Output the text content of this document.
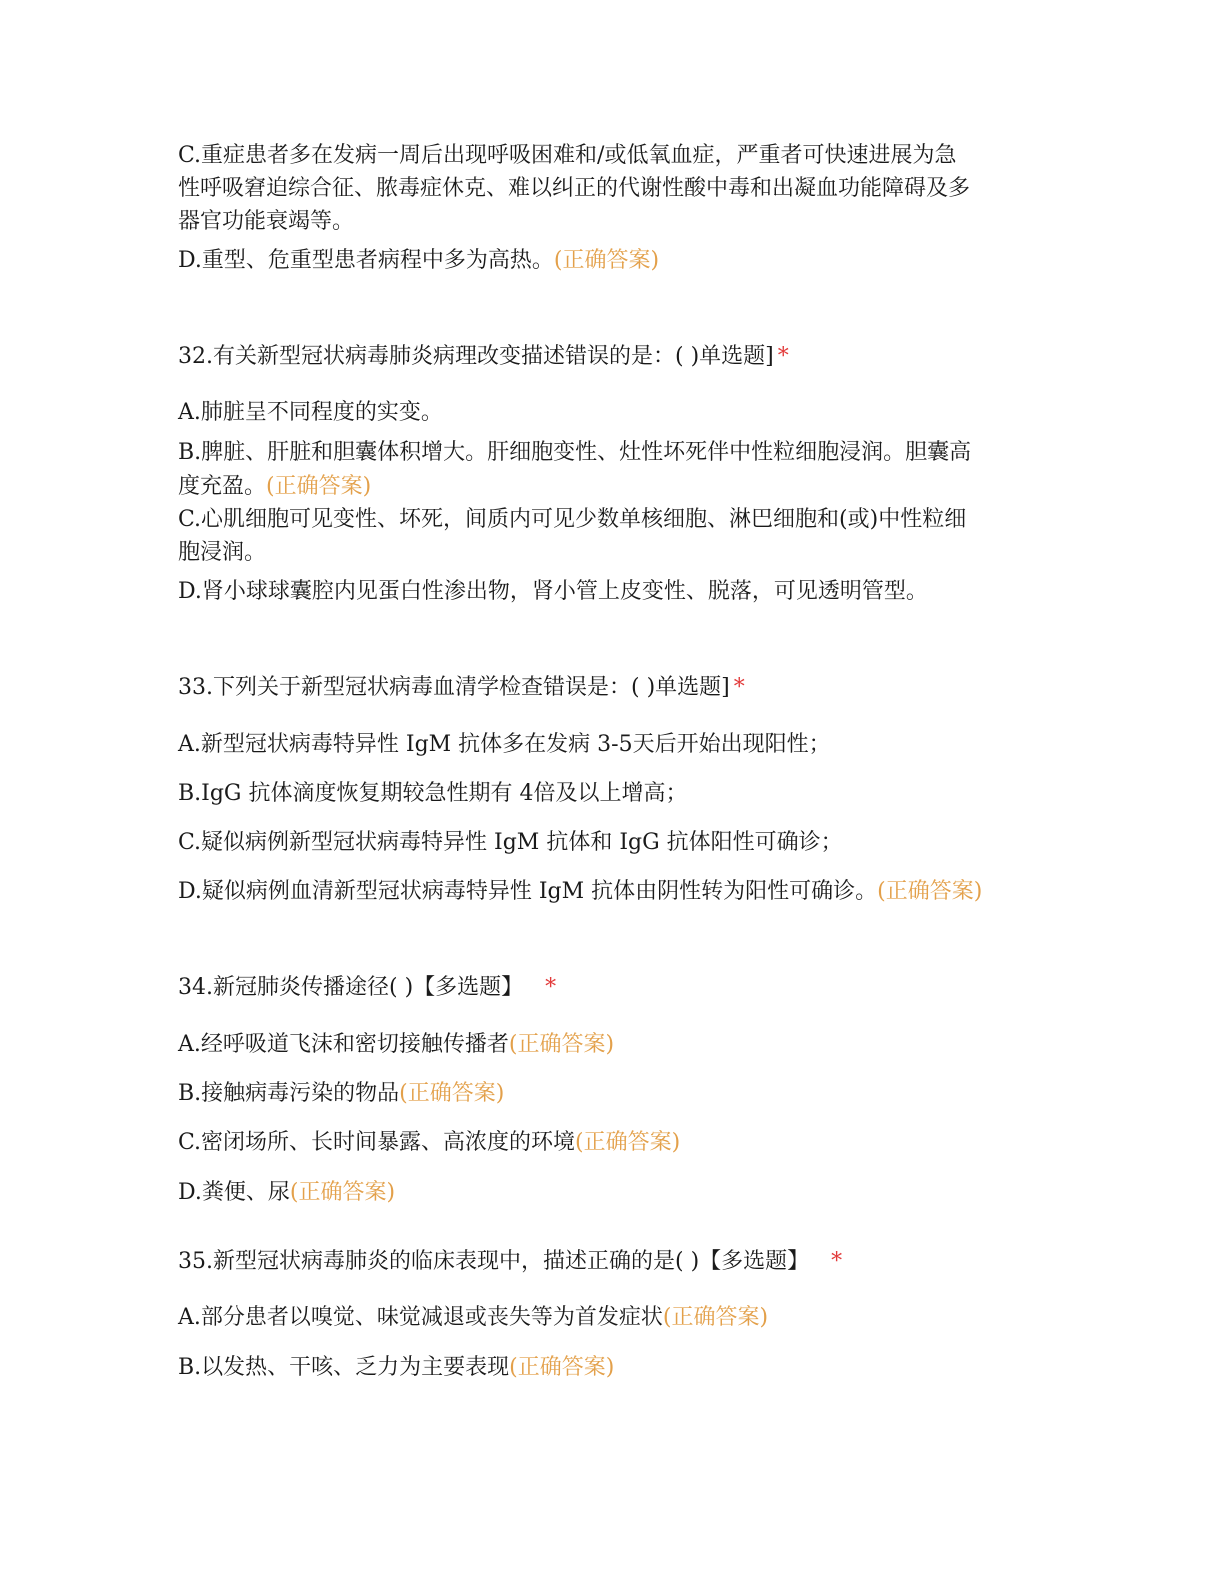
C.重症患者多在发病一周后出现呼吸困难和/或低氧血症，严重者可快速进展为急
性呼吸窘迫综合征、脓毒症休克、难以纠正的代谢性酸中毒和出凝血功能障碍及多
器官功能衰竭等。
D.重型、危重型患者病程中多为高热。(正确答案)
32.有关新型冠状病毒肺炎病理改变描述错误的是：( )单选题] *
A.肺脏呈不同程度的实变。
B.脾脏、肝脏和胆囊体积增大。肝细胞变性、灶性坏死伴中性粒细胞浸润。胆囊高
度充盈。(正确答案)
C.心肌细胞可见变性、坏死，间质内可见少数单核细胞、淋巴细胞和(或)中性粒细
胞浸润。
D.肾小球球囊腔内见蛋白性渗出物，肾小管上皮变性、脱落，可见透明管型。
33.下列关于新型冠状病毒血清学检查错误是：( )单选题] *
A.新型冠状病毒特异性 IgM 抗体多在发病 3-5天后开始出现阳性；
B.IgG 抗体滴度恢复期较急性期有 4倍及以上增高；
C.疑似病例新型冠状病毒特异性 IgM 抗体和 IgG 抗体阳性可确诊；
D.疑似病例血清新型冠状病毒特异性 IgM 抗体由阴性转为阳性可确诊。(正确答案)
34.新冠肺炎传播途径( )【多选题】 *
A.经呼吸道飞沫和密切接触传播者(正确答案)
B.接触病毒污染的物品(正确答案)
C.密闭场所、长时间暴露、高浓度的环境(正确答案)
D.粪便、尿(正确答案)
35.新型冠状病毒肺炎的临床表现中，描述正确的是( )【多选题】 *
A.部分患者以嗅觉、味觉减退或丧失等为首发症状(正确答案)
B.以发热、干咳、乏力为主要表现(正确答案)
